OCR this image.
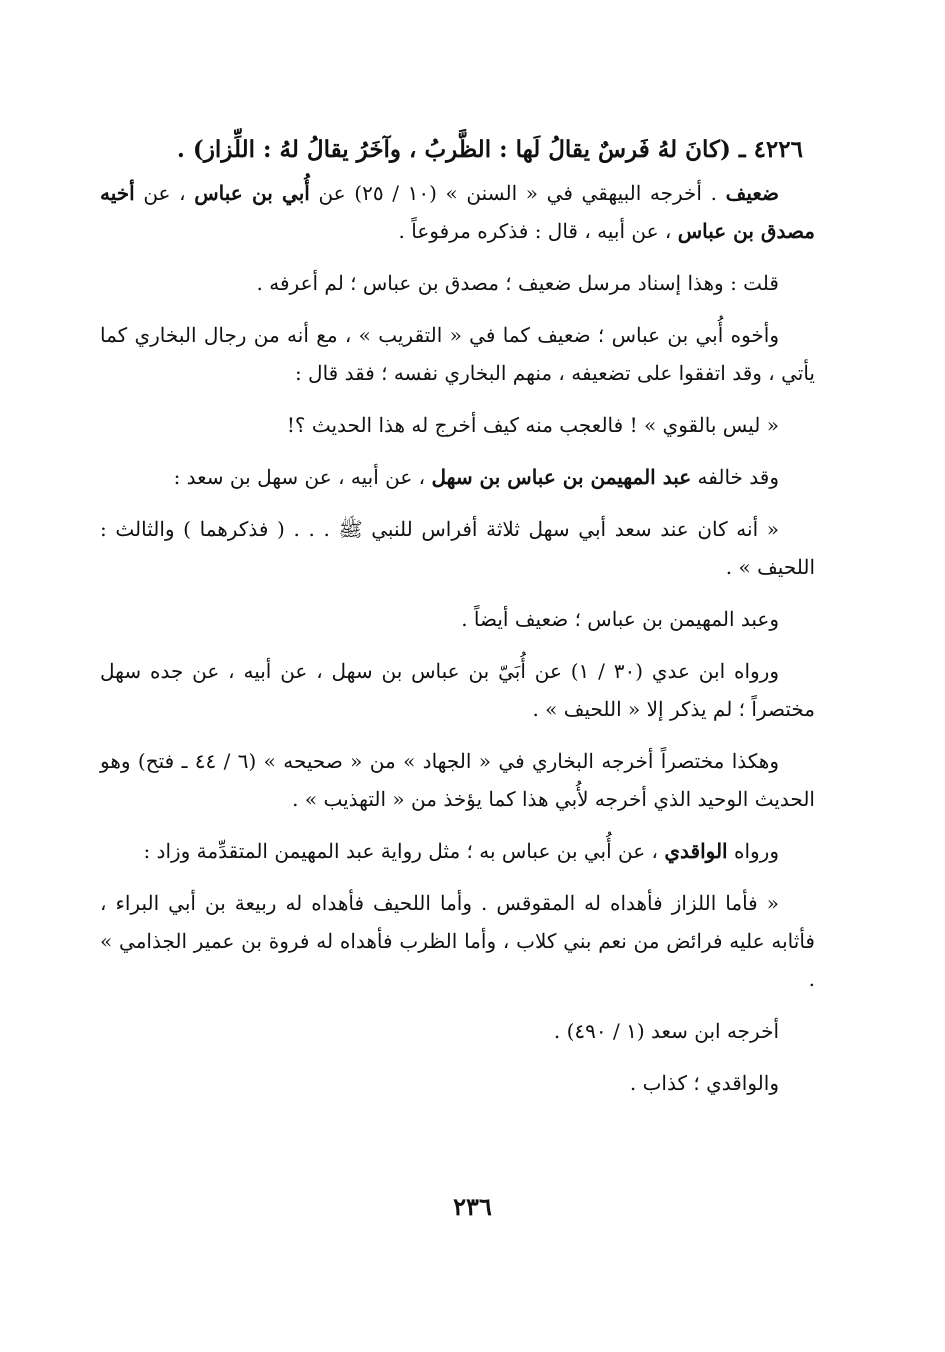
٤٢٢٦ ـ (كانَ لهُ فَرسٌ يقالُ لَها : الظَّربُ ، وآخَرُ يقالُ لهُ : اللِّزاز) .

ضعيف . أخرجه البيهقي في « السنن » (١٠ / ٢٥) عن أُبي بن عباس ، عن أخيه مصدق بن عباس ، عن أبيه ، قال : فذكره مرفوعاً .

قلت : وهذا إسناد مرسل ضعيف ؛ مصدق بن عباس ؛ لم أعرفه .

وأخوه أُبي بن عباس ؛ ضعيف كما في « التقريب » ، مع أنه من رجال البخاري كما يأتي ، وقد اتفقوا على تضعيفه ، منهم البخاري نفسه ؛ فقد قال :

« ليس بالقوي » ! فالعجب منه كيف أخرج له هذا الحديث ؟!

وقد خالفه عبد المهيمن بن عباس بن سهل ، عن أبيه ، عن سهل بن سعد :

« أنه كان عند سعد أبي سهل ثلاثة أفراس للنبي ﷺ . . . ( فذكرهما ) والثالث : اللحيف » .

وعبد المهيمن بن عباس ؛ ضعيف أيضاً .

ورواه ابن عدي (٣٠ / ١) عن أُبَيّ بن عباس بن سهل ، عن أبيه ، عن جده سهل مختصراً ؛ لم يذكر إلا « اللحيف » .

وهكذا مختصراً أخرجه البخاري في « الجهاد » من « صحيحه » (٦ / ٤٤ ـ فتح) وهو الحديث الوحيد الذي أخرجه لأُبي هذا كما يؤخذ من « التهذيب » .

ورواه الواقدي ، عن أُبي بن عباس به ؛ مثل رواية عبد المهيمن المتقدِّمة وزاد :

« فأما اللزاز فأهداه له المقوقس . وأما اللحيف فأهداه له ربيعة بن أبي البراء ، فأثابه عليه فرائض من نعم بني كلاب ، وأما الظرب فأهداه له فروة بن عمير الجذامي » .

أخرجه ابن سعد (١ / ٤٩٠) .

والواقدي ؛ كذاب .

٢٣٦
